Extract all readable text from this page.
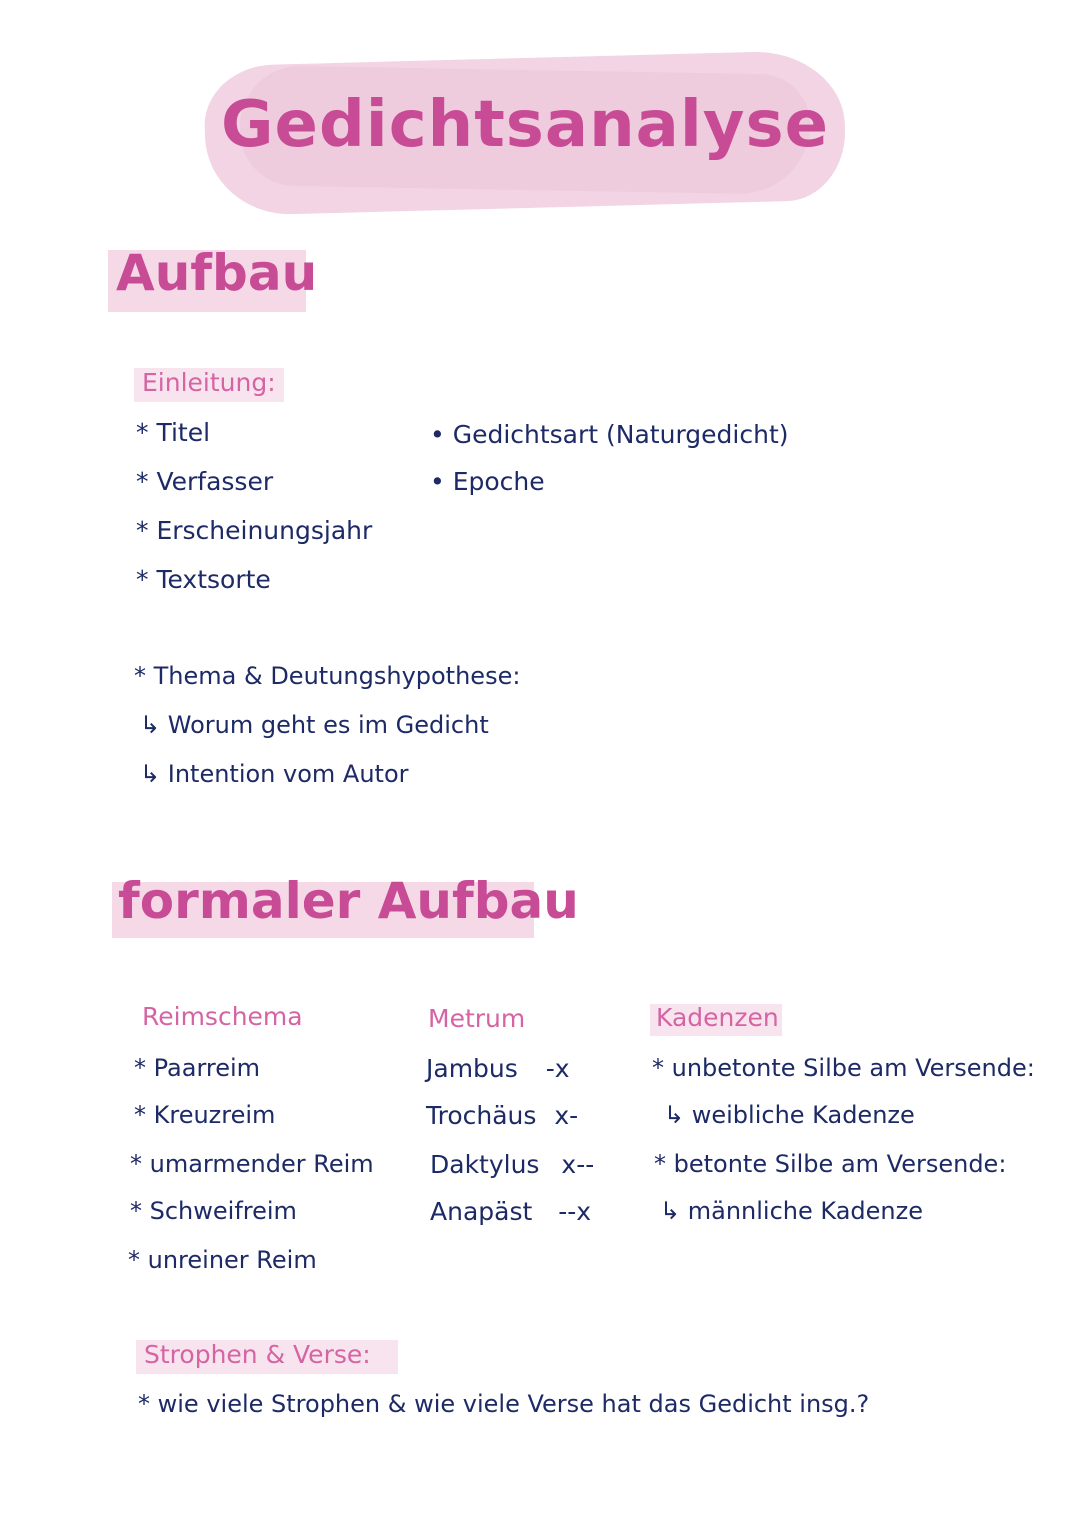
Gedichtsanalyse
Aufbau
Einleitung:
* Titel
* Verfasser
* Erscheinungsjahr
* Textsorte
• Gedichtsart (Naturgedicht)
• Epoche
* Thema & Deutungshypothese:
↳ Worum geht es im Gedicht
↳ Intention vom Autor
formaler Aufbau
Reimschema
* Paarreim
* Kreuzreim
* umarmender Reim
* Schweifreim
* unreiner Reim
Metrum
Jambus -x
Trochäus x-
Daktylus x--
Anapäst --x
Kadenzen
* unbetonte Silbe am Versende:
↳ weibliche Kadenze
* betonte Silbe am Versende:
↳ männliche Kadenze
Strophen & Verse:
* wie viele Strophen & wie viele Verse hat das Gedicht insg.?
